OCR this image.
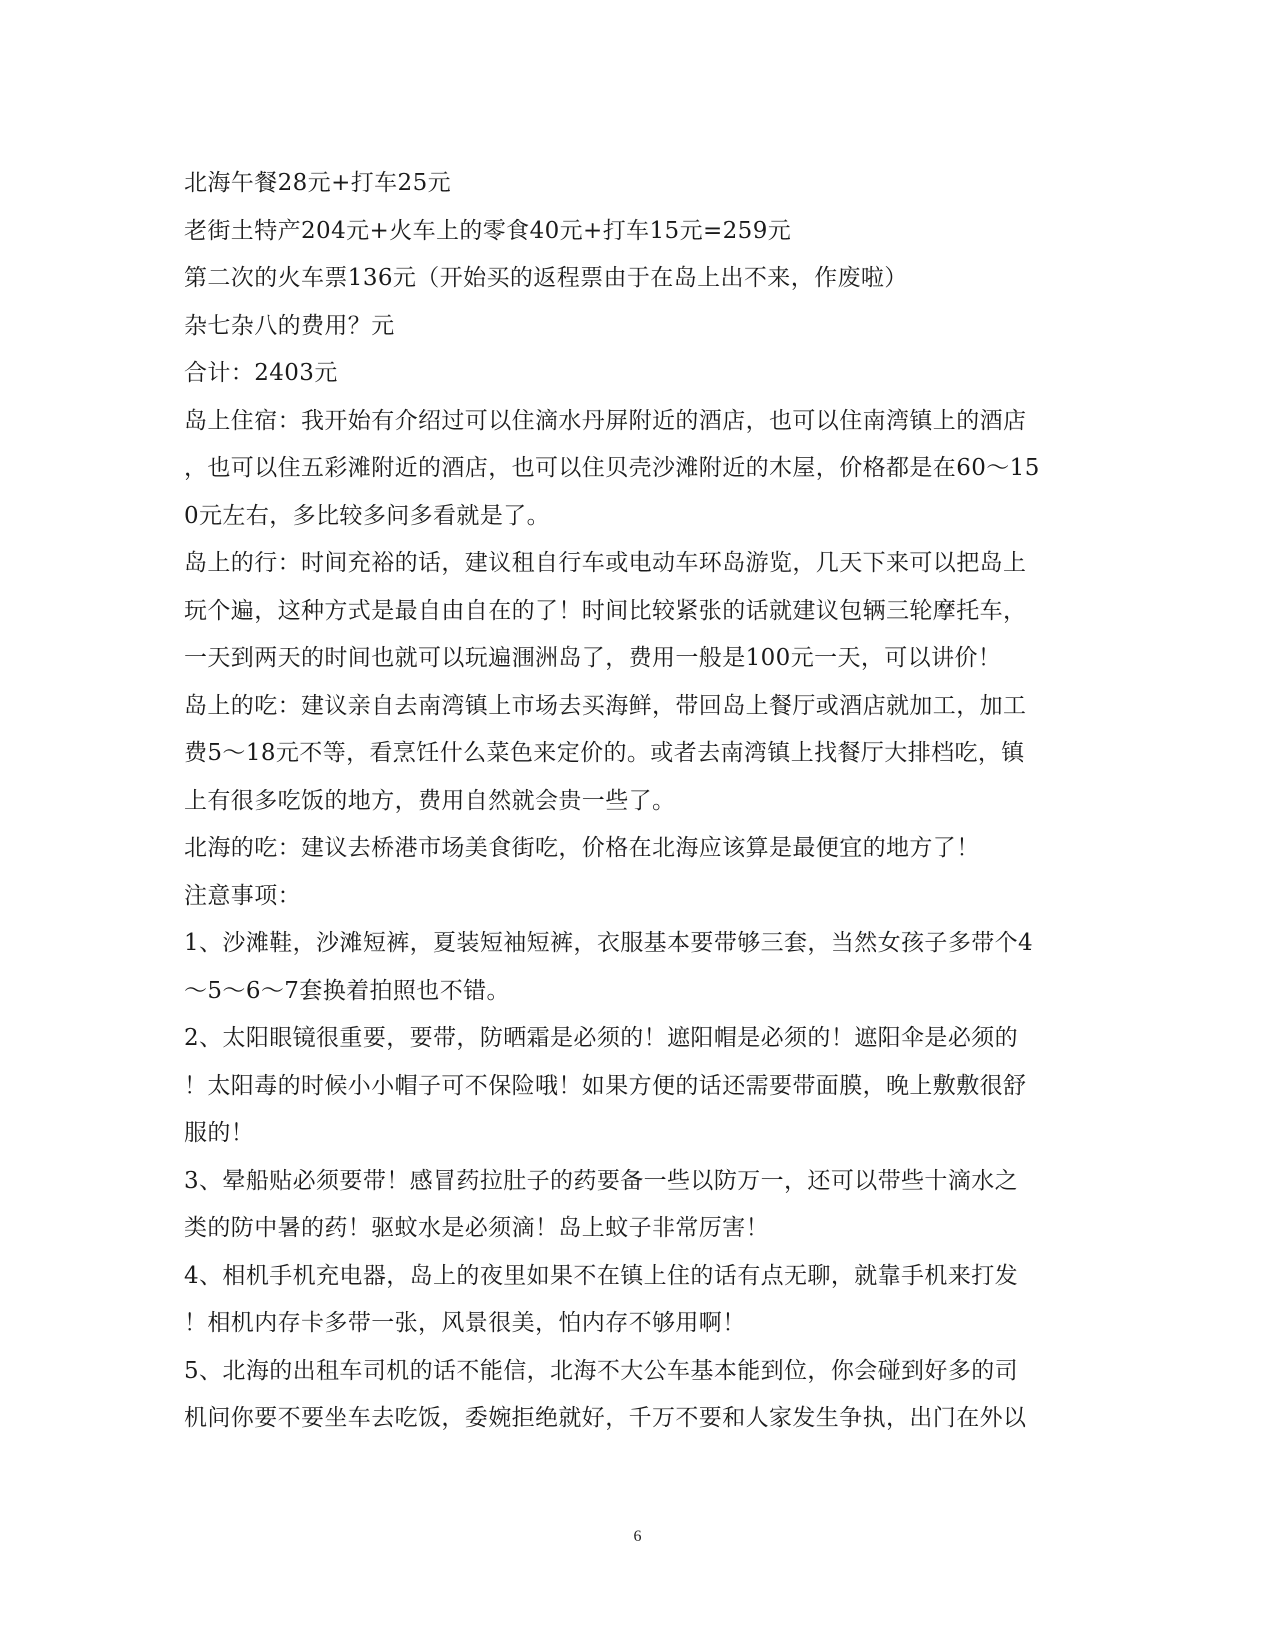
北海午餐28元+打车25元
老街土特产204元+火车上的零食40元+打车15元=259元
第二次的火车票136元（开始买的返程票由于在岛上出不来，作废啦）
杂七杂八的费用？元
合计：2403元
岛上住宿：我开始有介绍过可以住滴水丹屏附近的酒店，也可以住南湾镇上的酒店
，也可以住五彩滩附近的酒店，也可以住贝壳沙滩附近的木屋，价格都是在60～15
0元左右，多比较多问多看就是了。
岛上的行：时间充裕的话，建议租自行车或电动车环岛游览，几天下来可以把岛上
玩个遍，这种方式是最自由自在的了！时间比较紧张的话就建议包辆三轮摩托车，
一天到两天的时间也就可以玩遍涠洲岛了，费用一般是100元一天，可以讲价！
岛上的吃：建议亲自去南湾镇上市场去买海鲜，带回岛上餐厅或酒店就加工，加工
费5～18元不等，看烹饪什么菜色来定价的。或者去南湾镇上找餐厅大排档吃，镇
上有很多吃饭的地方，费用自然就会贵一些了。
北海的吃：建议去桥港市场美食街吃，价格在北海应该算是最便宜的地方了！
注意事项：
1、沙滩鞋，沙滩短裤，夏装短袖短裤，衣服基本要带够三套，当然女孩子多带个4
～5～6～7套换着拍照也不错。
2、太阳眼镜很重要，要带，防晒霜是必须的！遮阳帽是必须的！遮阳伞是必须的
！太阳毒的时候小小帽子可不保险哦！如果方便的话还需要带面膜，晚上敷敷很舒
服的！
3、晕船贴必须要带！感冒药拉肚子的药要备一些以防万一，还可以带些十滴水之
类的防中暑的药！驱蚊水是必须滴！岛上蚊子非常厉害！
4、相机手机充电器，岛上的夜里如果不在镇上住的话有点无聊，就靠手机来打发
！相机内存卡多带一张，风景很美，怕内存不够用啊！
5、北海的出租车司机的话不能信，北海不大公车基本能到位，你会碰到好多的司
机问你要不要坐车去吃饭，委婉拒绝就好，千万不要和人家发生争执，出门在外以
6
